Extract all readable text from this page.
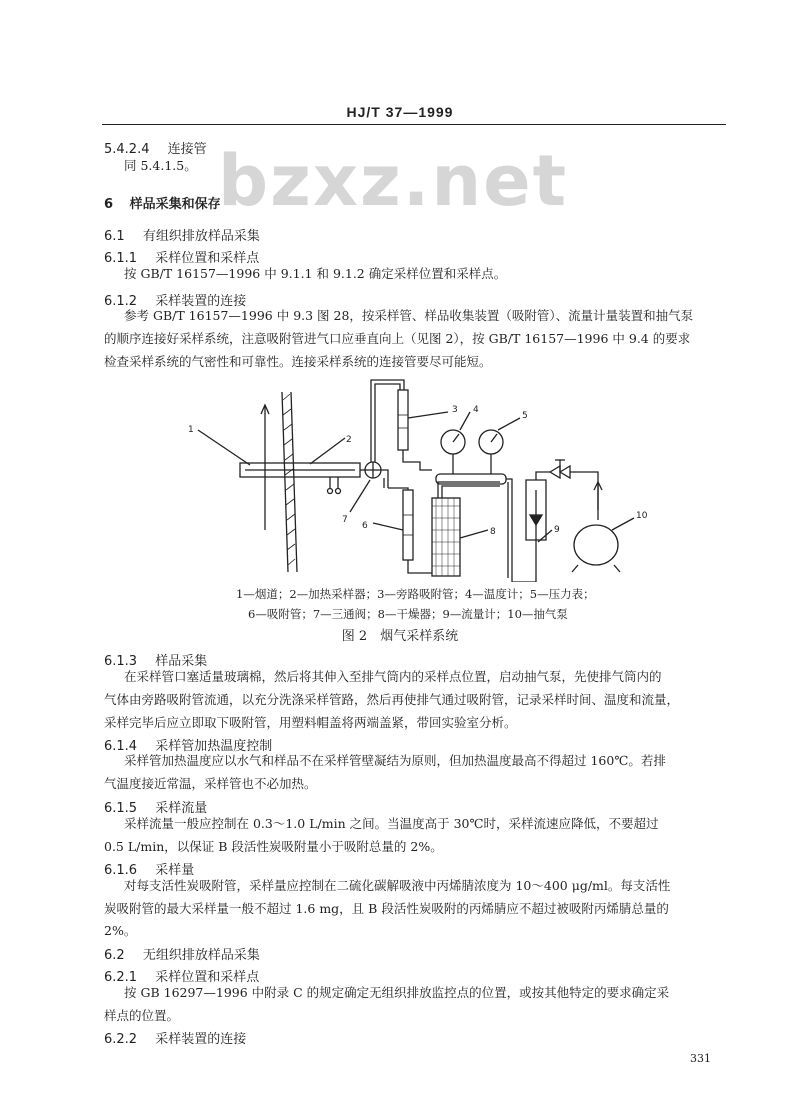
HJ/T 37—1999
bzxz.net
5.4.2.4 连接管
同 5.4.1.5。
6 样品采集和保存
6.1 有组织排放样品采集
6.1.1 采样位置和采样点
按 GB/T 16157—1996 中 9.1.1 和 9.1.2 确定采样位置和采样点。
6.1.2 采样装置的连接
参考 GB/T 16157—1996 中 9.3 图 28，按采样管、样品收集装置（吸附管）、流量计量装置和抽气泵
的顺序连接好采样系统，注意吸附管进气口应垂直向上（见图 2），按 GB/T 16157—1996 中 9.4 的要求
检查采样系统的气密性和可靠性。连接采样系统的连接管要尽可能短。
1
2
3 4
5
6
7
8	9
10
1—烟道；2—加热采样器；3—旁路吸附管；4—温度计；5—压力表；
6—吸附管；7—三通阀；8—干燥器；9—流量计；10—抽气泵
图 2　烟气采样系统
6.1.3 样品采集
在采样管口塞适量玻璃棉，然后将其伸入至排气筒内的采样点位置，启动抽气泵，先使排气筒内的
气体由旁路吸附管流通，以充分洗涤采样管路，然后再使排气通过吸附管，记录采样时间、温度和流量，
采样完毕后应立即取下吸附管，用塑料帽盖将两端盖紧，带回实验室分析。
6.1.4 采样管加热温度控制
采样管加热温度应以水气和样品不在采样管壁凝结为原则，但加热温度最高不得超过 160℃。若排
气温度接近常温，采样管也不必加热。
6.1.5 采样流量
采样流量一般应控制在 0.3～1.0 L/min 之间。当温度高于 30℃时，采样流速应降低，不要超过
0.5 L/min，以保证 B 段活性炭吸附量小于吸附总量的 2%。
6.1.6 采样量
对每支活性炭吸附管，采样量应控制在二硫化碳解吸液中丙烯腈浓度为 10～400 μg/ml。每支活性
炭吸附管的最大采样量一般不超过 1.6 mg，且 B 段活性炭吸附的丙烯腈应不超过被吸附丙烯腈总量的
2%。
6.2 无组织排放样品采集
6.2.1 采样位置和采样点
按 GB 16297—1996 中附录 C 的规定确定无组织排放监控点的位置，或按其他特定的要求确定采
样点的位置。
6.2.2 采样装置的连接
331
